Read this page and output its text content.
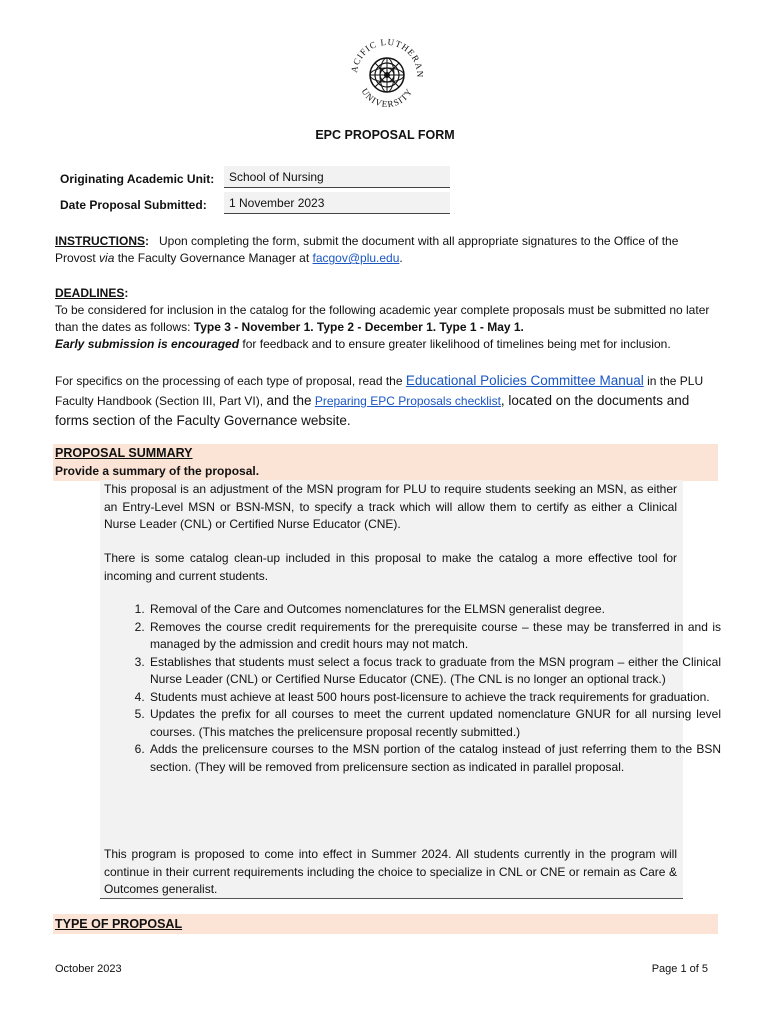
ACIFIC LUTHERAN
UNIVERSITY
EPC PROPOSAL FORM
Originating Academic Unit:	School of Nursing
Date Proposal Submitted:	1 November 2023
INSTRUCTIONS: Upon completing the form, submit the document with all appropriate signatures to the Office of the Provost via the Faculty Governance Manager at facgov@plu.edu.
DEADLINES:
To be considered for inclusion in the catalog for the following academic year complete proposals must be submitted no later than the dates as follows: Type 3 - November 1. Type 2 - December 1. Type 1 - May 1.
Early submission is encouraged for feedback and to ensure greater likelihood of timelines being met for inclusion.
For specifics on the processing of each type of proposal, read the Educational Policies Committee Manual in the PLU Faculty Handbook (Section III, Part VI), and the Preparing EPC Proposals checklist, located on the documents and forms section of the Faculty Governance website.
PROPOSAL SUMMARY
Provide a summary of the proposal.
This proposal is an adjustment of the MSN program for PLU to require students seeking an MSN, as either an Entry-Level MSN or BSN-MSN, to specify a track which will allow them to certify as either a Clinical Nurse Leader (CNL) or Certified Nurse Educator (CNE).
There is some catalog clean-up included in this proposal to make the catalog a more effective tool for incoming and current students.
1. Removal of the Care and Outcomes nomenclatures for the ELMSN generalist degree.
2. Removes the course credit requirements for the prerequisite course – these may be transferred in and is managed by the admission and credit hours may not match.
3. Establishes that students must select a focus track to graduate from the MSN program – either the Clinical Nurse Leader (CNL) or Certified Nurse Educator (CNE). (The CNL is no longer an optional track.)
4. Students must achieve at least 500 hours post-licensure to achieve the track requirements for graduation.
5. Updates the prefix for all courses to meet the current updated nomenclature GNUR for all nursing level courses. (This matches the prelicensure proposal recently submitted.)
6. Adds the prelicensure courses to the MSN portion of the catalog instead of just referring them to the BSN section. (They will be removed from prelicensure section as indicated in parallel proposal.
This program is proposed to come into effect in Summer 2024. All students currently in the program will continue in their current requirements including the choice to specialize in CNL or CNE or remain as Care & Outcomes generalist.
TYPE OF PROPOSAL
October 2023	Page 1 of 5
